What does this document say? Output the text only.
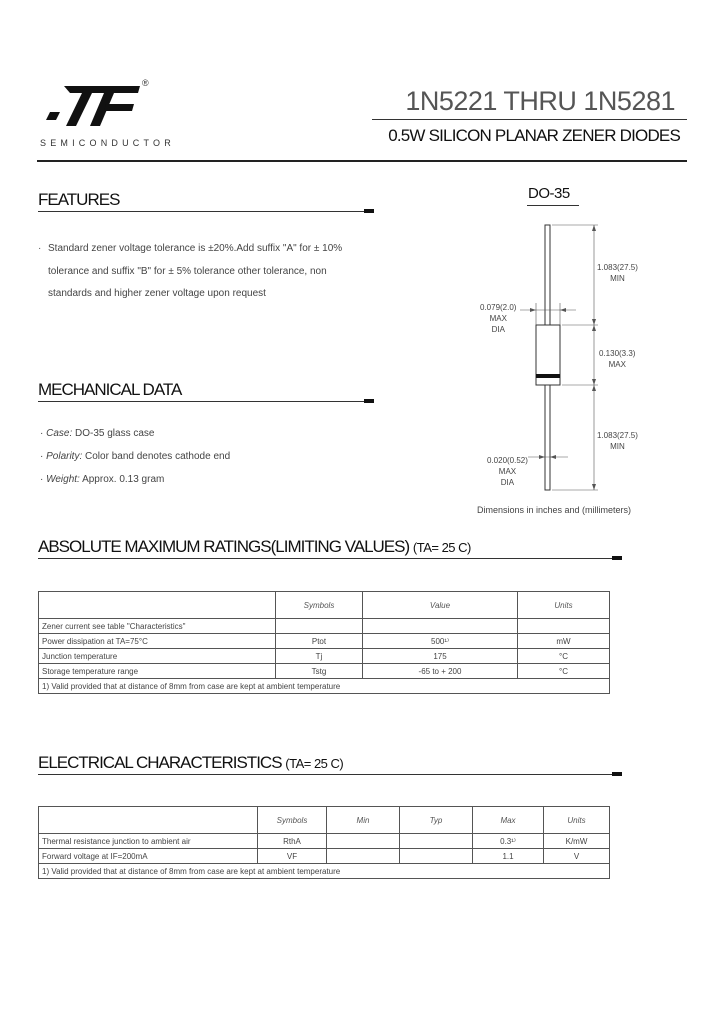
®
SEMICONDUCTOR
1N5221 THRU 1N5281
0.5W SILICON PLANAR ZENER DIODES
FEATURES
· Standard zener voltage tolerance is ±20%.Add suffix "A" for ± 10%
tolerance and suffix "B" for ± 5% tolerance other tolerance, non
standards and higher zener voltage upon request
MECHANICAL DATA
· Case: DO-35 glass case
· Polarity: Color band denotes cathode end
· Weight: Approx. 0.13 gram
DO-35
1.083(27.5)
MIN
0.079(2.0)
MAX
DIA
0.130(3.3)
MAX
1.083(27.5)
MIN
0.020(0.52)
MAX
DIA
Dimensions in inches and (millimeters)
ABSOLUTE MAXIMUM RATINGS(LIMITING VALUES) (TA= 25 C)
	Symbols	Value	Units
Zener current see table "Characteristics"			
Power dissipation at TA=75°C	Ptot	500¹⁾	mW
Junction temperature	Tj	175	°C
Storage temperature range	Tstg	-65 to + 200	°C
1) Valid provided that at distance of 8mm from case are kept at ambient temperature			
ELECTRICAL CHARACTERISTICS (TA= 25 C)
	Symbols	Min	Typ	Max	Units
Thermal resistance junction to ambient air	RthA			0.3¹⁾	K/mW
Forward voltage at IF=200mA	VF			1.1	V
1) Valid provided that at distance of 8mm from case are kept at ambient temperature					
